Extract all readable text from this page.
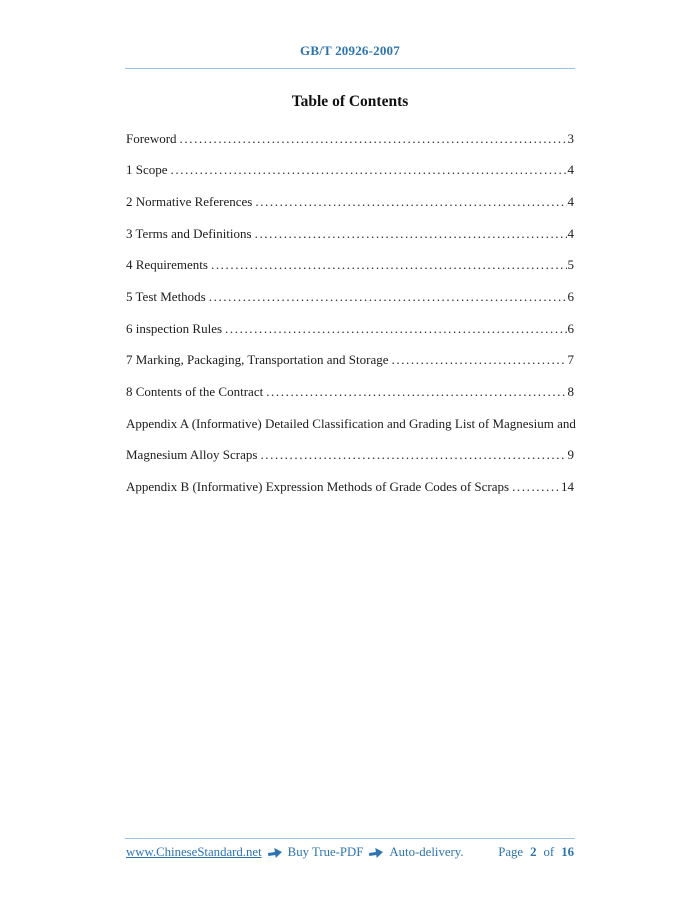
GB/T 20926-2007
Table of Contents
Foreword .....	3
1 Scope .....	4
2 Normative References .....	4
3 Terms and Definitions .....	4
4 Requirements .....	5
5 Test Methods .....	6
6 inspection Rules .....	6
7 Marking, Packaging, Transportation and Storage .....	7
8 Contents of the Contract .....	8
Appendix A (Informative) Detailed Classification and Grading List of Magnesium and
Magnesium Alloy Scraps .....	9
Appendix B (Informative) Expression Methods of Grade Codes of Scraps .....	14
www.ChineseStandard.net Buy True-PDF Auto-delivery.	Page 2 of 16
